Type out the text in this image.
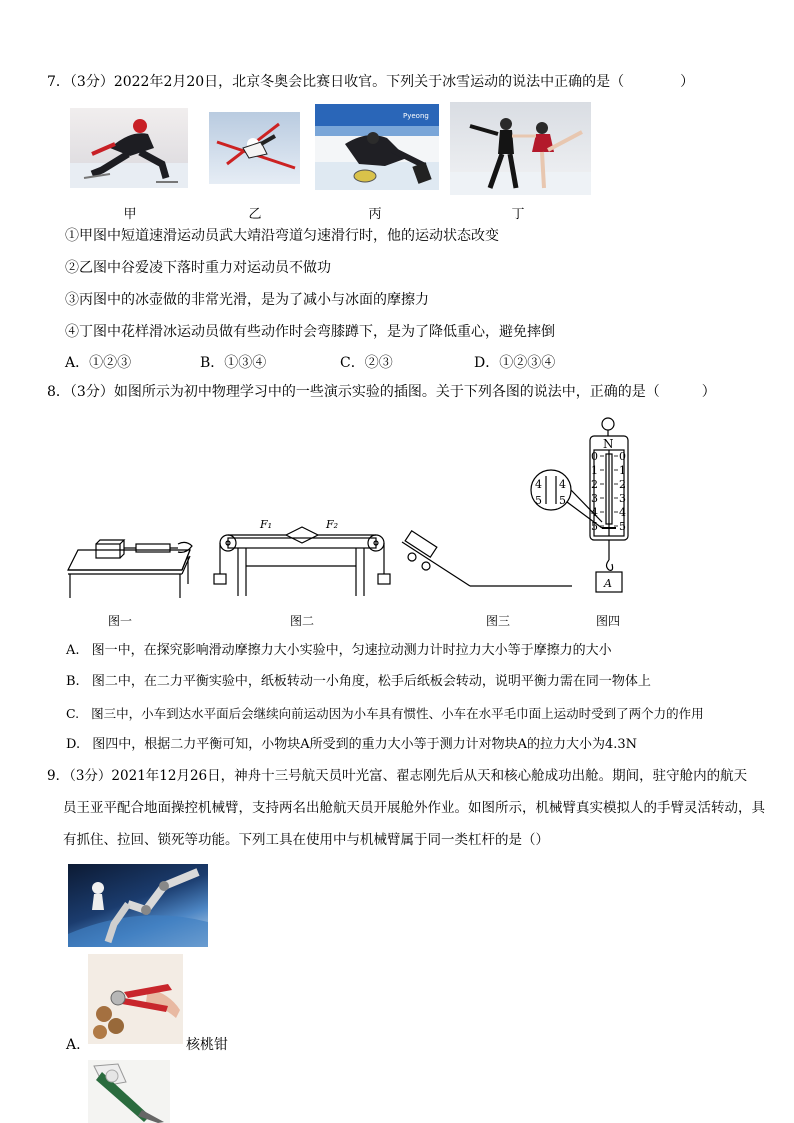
7．（3分）2022年2月20日，北京冬奥会比赛日收官。下列关于冰雪运动的说法中正确的是（　　　　）
Pyeong
甲	乙	丙	丁
①甲图中短道速滑运动员武大靖沿弯道匀速滑行时，他的运动状态改变
②乙图中谷爱凌下落时重力对运动员不做功
③丙图中的冰壶做的非常光滑，是为了减小与冰面的摩擦力
④丁图中花样滑冰运动员做有些动作时会弯膝蹲下，是为了降低重心，避免摔倒
A．①②③	B．①③④	C．②③	D．①②③④
8．（3分）如图所示为初中物理学习中的一些演示实验的插图。关于下列各图的说法中，正确的是（　　　）
F₁	F₂
N
0
1
2
3
4
5
0
1
2
3
4
5
4
5
4
5
A
图一	图二	图三	图四
A. 图一中，在探究影响滑动摩擦力大小实验中，匀速拉动测力计时拉力大小等于摩擦力的大小
B. 图二中，在二力平衡实验中，纸板转动一小角度，松手后纸板会转动，说明平衡力需在同一物体上
C. 图三中，小车到达水平面后会继续向前运动因为小车具有惯性、小车在水平毛巾面上运动时受到了两个力的作用
D. 图四中，根据二力平衡可知，小物块A所受到的重力大小等于测力计对物块A的拉力大小为4.3N
9．（3分）2021年12月26日，神舟十三号航天员叶光富、翟志刚先后从天和核心舱成功出舱。期间，驻守舱内的航天
员王亚平配合地面操控机械臂，支持两名出舱航天员开展舱外作业。如图所示，机械臂真实模拟人的手臂灵活转动，具
有抓住、拉回、锁死等功能。下列工具在使用中与机械臂属于同一类杠杆的是（）
A.	核桃钳
